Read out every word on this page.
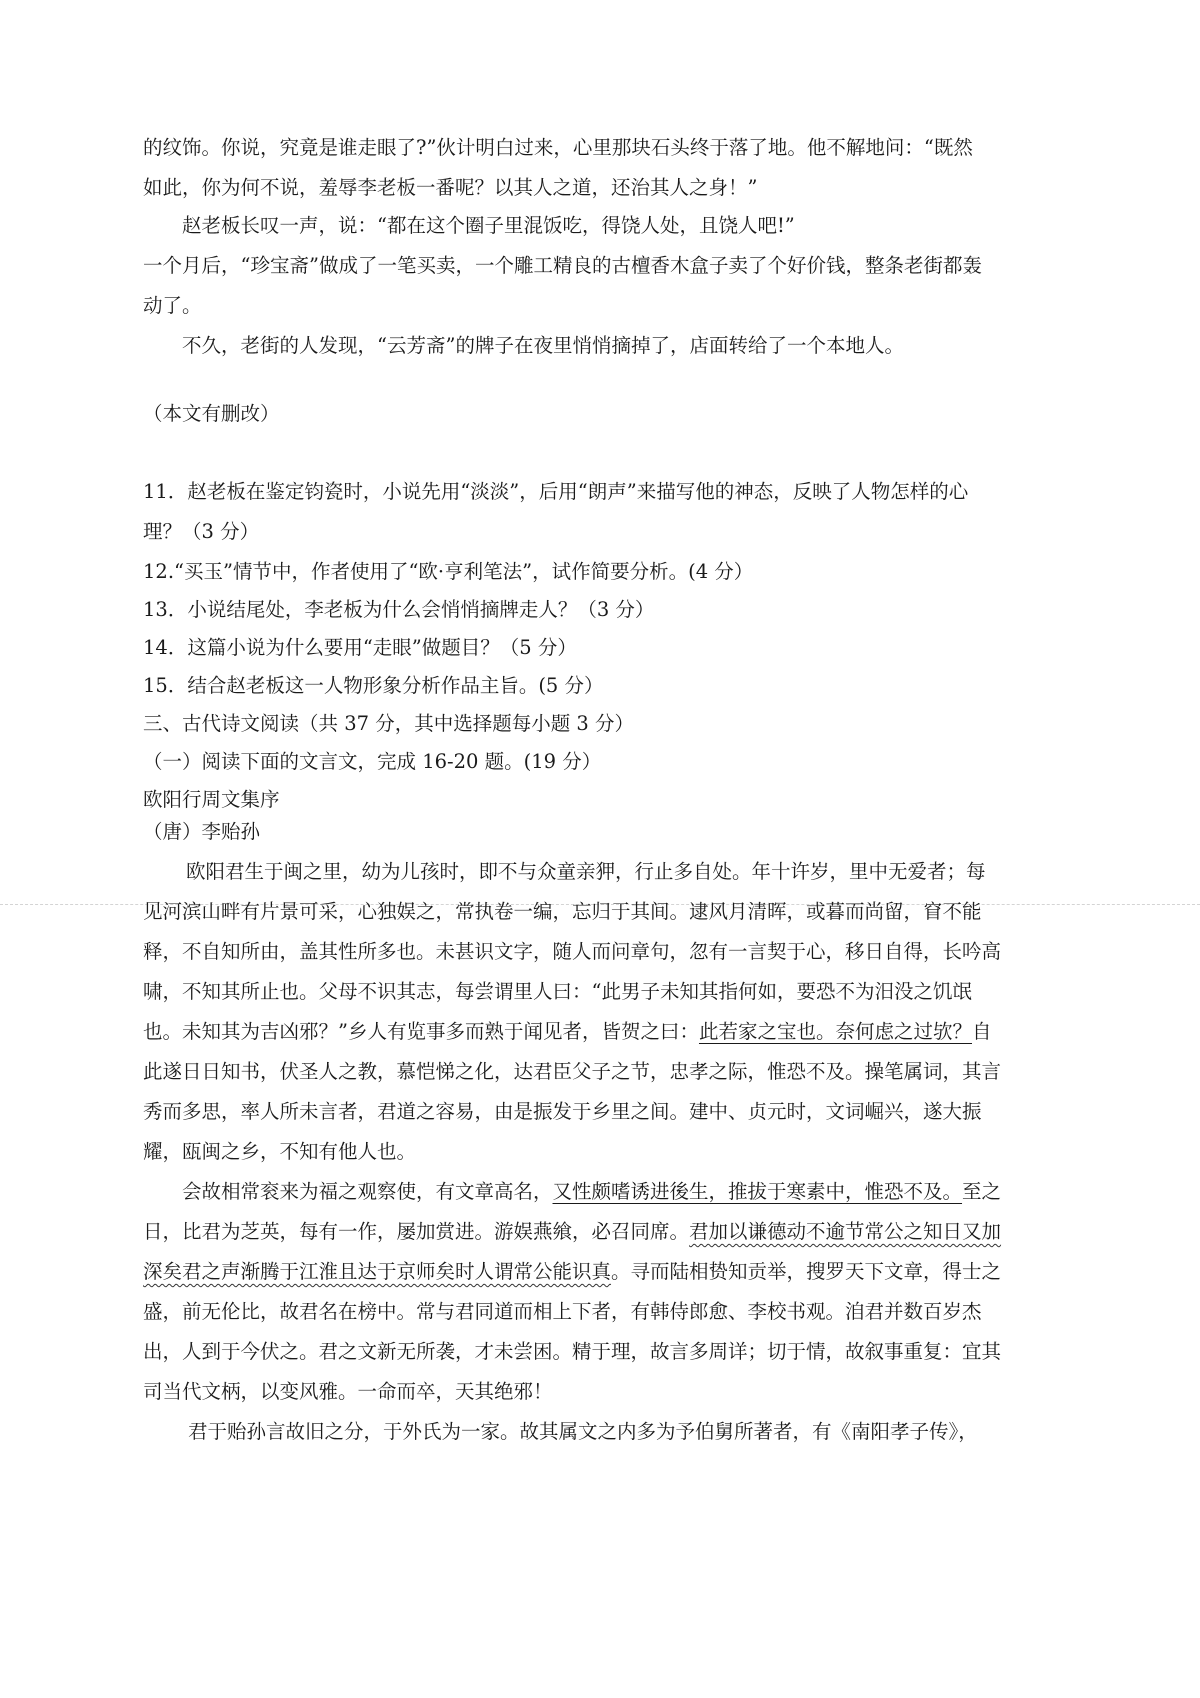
的纹饰。你说，究竟是谁走眼了?”伙计明白过来，心里那块石头终于落了地。他不解地问：“既然
如此，你为何不说，羞辱李老板一番呢？以其人之道，还治其人之身！”
赵老板长叹一声，说：“都在这个圈子里混饭吃，得饶人处，且饶人吧!”
一个月后，“珍宝斋”做成了一笔买卖，一个雕工精良的古檀香木盒子卖了个好价钱，整条老街都轰
动了。
不久，老街的人发现，“云芳斋”的牌子在夜里悄悄摘掉了，店面转给了一个本地人。
（本文有删改）
11．赵老板在鉴定钧瓷时，小说先用“淡淡”，后用“朗声”来描写他的神态，反映了人物怎样的心
理？（3 分）
12.“买玉”情节中，作者使用了“欧·亨利笔法”，试作简要分析。(4 分）
13．小说结尾处，李老板为什么会悄悄摘牌走人？（3 分）
14．这篇小说为什么要用“走眼”做题目？（5 分）
15．结合赵老板这一人物形象分析作品主旨。(5 分）
三、古代诗文阅读（共 37 分，其中选择题每小题 3 分）
（一）阅读下面的文言文，完成 16-20 题。(19 分）
欧阳行周文集序
（唐）李贻孙
欧阳君生于闽之里，幼为儿孩时，即不与众童亲狎，行止多自处。年十许岁，里中无爱者；每
见河滨山畔有片景可采，心独娱之，常执卷一编，忘归于其间。逮风月清晖，或暮而尚留，窅不能
释，不自知所由，盖其性所多也。未甚识文字，随人而问章句，忽有一言契于心，移日自得，长吟高
啸，不知其所止也。父母不识其志，每尝谓里人曰：“此男子未知其指何如，要恐不为汨没之饥氓
也。未知其为吉凶邪？”乡人有览事多而熟于闻见者，皆贺之曰：此若家之宝也。奈何虑之过欤？自
此遂日日知书，伏圣人之教，慕恺悌之化，达君臣父子之节，忠孝之际，惟恐不及。操笔属词，其言
秀而多思，率人所未言者，君道之容易，由是振发于乡里之间。建中、贞元时，文词崛兴，遂大振
耀，瓯闽之乡，不知有他人也。
会故相常衮来为福之观察使，有文章高名，又性颇嗜诱进後生，推拔于寒素中，惟恐不及。至之
日，比君为芝英，每有一作，屡加赏进。游娱燕飨，必召同席。君加以谦德动不逾节常公之知日又加
深矣君之声渐腾于江淮且达于京师矣时人谓常公能识真。寻而陆相贽知贡举，搜罗天下文章，得士之
盛，前无伦比，故君名在榜中。常与君同道而相上下者，有韩侍郎愈、李校书观。洎君并数百岁杰
出，人到于今伏之。君之文新无所袭，才未尝困。精于理，故言多周详；切于情，故叙事重复：宜其
司当代文柄，以变风雅。一命而卒，天其绝邪！
君于贻孙言故旧之分，于外氏为一家。故其属文之内多为予伯舅所著者，有《南阳孝子传》，
